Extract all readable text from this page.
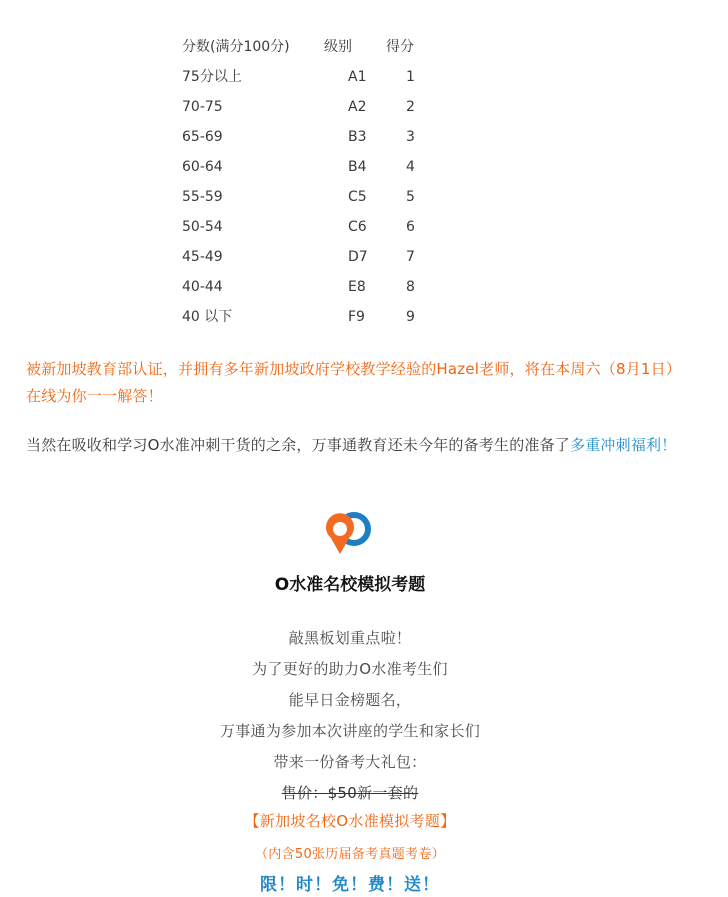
分数(满分100分) 级别 得分
75分以上	A1	1
70-75	A2	2
65-69	B3	3
60-64	B4	4
55-59	C5	5
50-54	C6	6
45-49	D7	7
40-44	E8	8
40 以下	F9	9
被新加坡教育部认证，并拥有多年新加坡政府学校教学经验的Hazel老师，将在本周六（8月1日）在线为你一一解答！
当然在吸收和学习O水准冲刺干货的之余，万事通教育还未今年的备考生的准备了多重冲刺福利！
O水准名校模拟考题
敲黑板划重点啦！
为了更好的助力O水准考生们
能早日金榜题名，
万事通为参加本次讲座的学生和家长们
带来一份备考大礼包：
售价：$50新一套的
【新加坡名校O水准模拟考题】
（内含50张历届备考真题考卷）
限！时！免！费！送！
